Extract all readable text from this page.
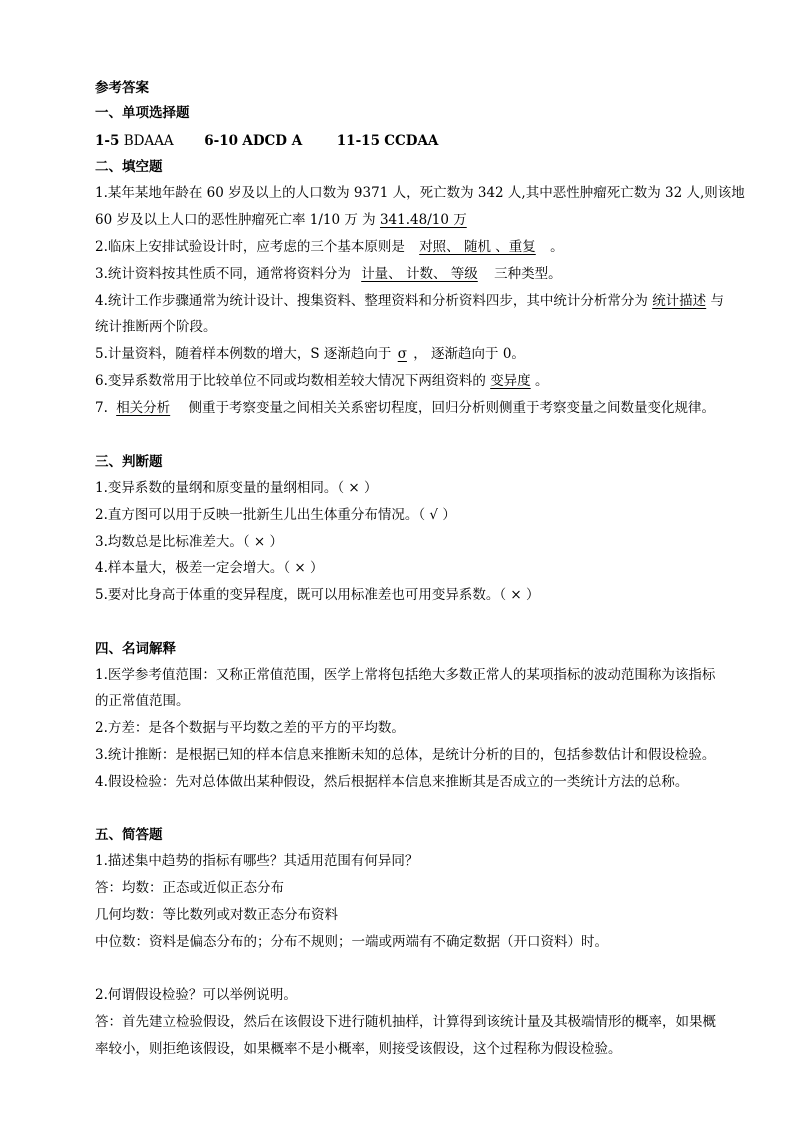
参考答案
一、单项选择题
1-5 BDAAA 6-10 ADCD A	11-15 CCDAA
二、填空题
1.某年某地年龄在 60 岁及以上的人口数为 9371 人，死亡数为 342 人,其中恶性肿瘤死亡数为 32 人,则该地
60 岁及以上人口的恶性肿瘤死亡率 1/10 万 为 341.48/10 万
2.临床上安排试验设计时，应考虑的三个基本原则是 对照、 随机 、重复 。
3.统计资料按其性质不同，通常将资料分为 计量、 计数、 等级 三种类型。
4.统计工作步骤通常为统计设计、搜集资料、整理资料和分析资料四步，其中统计分析常分为 统计描述 与
统计推断两个阶段。
5.计量资料，随着样本例数的增大，S 逐渐趋向于 σ ， 逐渐趋向于 0。
6.变异系数常用于比较单位不同或均数相差较大情况下两组资料的 变异度 。
7. 相关分析 侧重于考察变量之间相关关系密切程度，回归分析则侧重于考察变量之间数量变化规律。
三、判断题
1.变异系数的量纲和原变量的量纲相同。（ × ）
2.直方图可以用于反映一批新生儿出生体重分布情况。（ √ ）
3.均数总是比标准差大。（ × ）
4.样本量大，极差一定会增大。（ × ）
5.要对比身高于体重的变异程度，既可以用标准差也可用变异系数。（ × ）
四、名词解释
1.医学参考值范围：又称正常值范围，医学上常将包括绝大多数正常人的某项指标的波动范围称为该指标
的正常值范围。
2.方差：是各个数据与平均数之差的平方的平均数。
3.统计推断：是根据已知的样本信息来推断未知的总体，是统计分析的目的，包括参数估计和假设检验。
4.假设检验：先对总体做出某种假设，然后根据样本信息来推断其是否成立的一类统计方法的总称。
五、简答题
1.描述集中趋势的指标有哪些？其适用范围有何异同？
答：均数：正态或近似正态分布
几何均数：等比数列或对数正态分布资料
中位数：资料是偏态分布的；分布不规则；一端或两端有不确定数据（开口资料）时。
2.何谓假设检验？可以举例说明。
答：首先建立检验假设，然后在该假设下进行随机抽样，计算得到该统计量及其极端情形的概率，如果概
率较小，则拒绝该假设，如果概率不是小概率，则接受该假设，这个过程称为假设检验。
